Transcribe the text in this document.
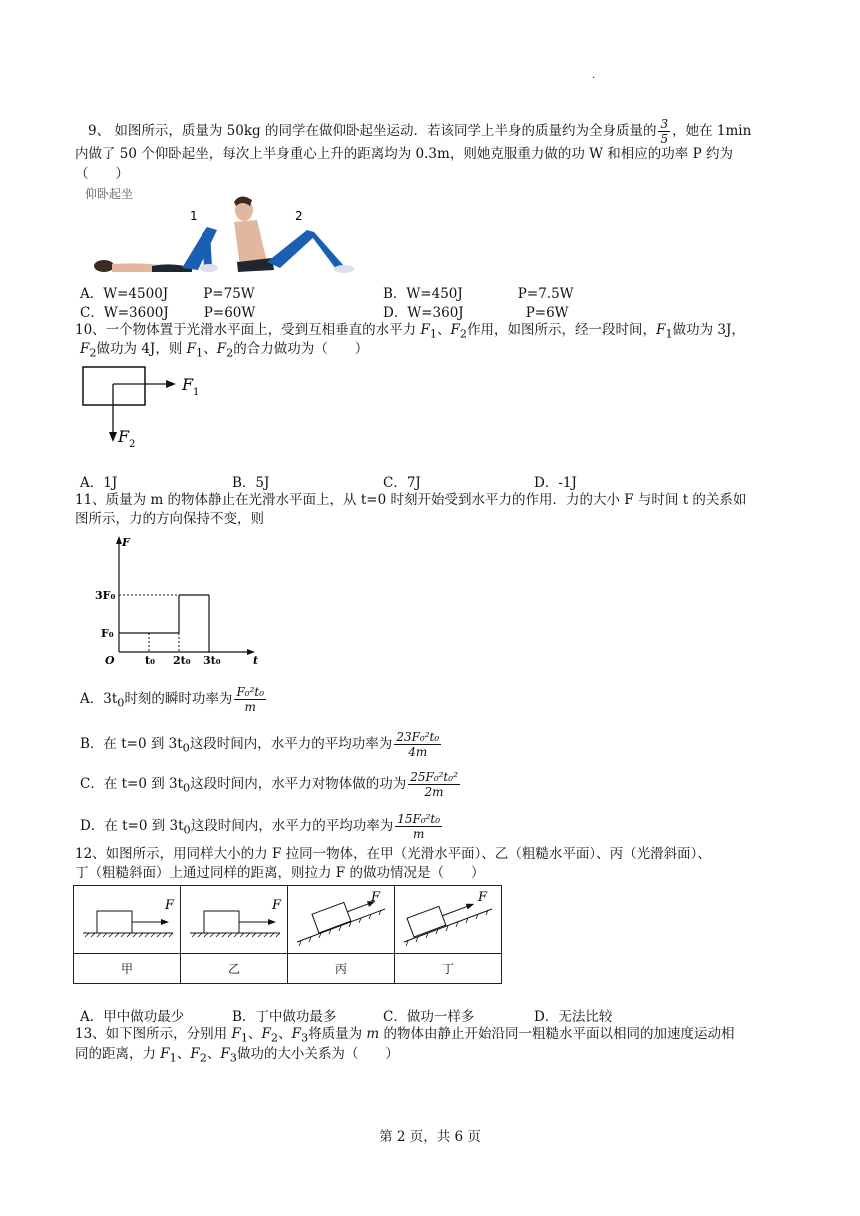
.
9、 如图所示，质量为 50kg 的同学在做仰卧起坐运动．若该同学上半身的质量约为全身质量的 $\frac{3}{5}$ ，她在 1min
内做了 50 个仰卧起坐，每次上半身重心上升的距离均为 0.3m，则她克服重力做的功 W 和相应的功率 P 约为
（　　）
仰卧起坐
1	2
A．W=4500J	P=75W	B．W=450J	P=7.5W
C．W=3600J	P=60W	D．W=360J	P=6W
10、一个物体置于光滑水平面上，受到互相垂直的水平力 $F_1$、$F_2$作用，如图所示，经一段时间，$F_1$做功为 3J，
$F_2$做功为 4J，则 $F_1$、$F_2$的合力做功为（　　）
F 1
F 2
A．1J	B．5J	C．7J	D．-1J
11、质量为 m 的物体静止在光滑水平面上，从 t=0 时刻开始受到水平力的作用．力的大小 F 与时间 t 的关系如
图所示，力的方向保持不变，则
F
t
3F₀
F₀
O	t₀ 2t₀ 3t₀
A．$3t_0$时刻的瞬时功率为 $\frac{\text{F₀²t₀}}{m}$
B．在 t=0 到 $3t_0$这段时间内，水平力的平均功率为 $\frac{\text{23F₀²t₀}}{4m}$
C．在 t=0 到 $3t_0$这段时间内，水平力对物体做的功为 $\frac{\text{25F₀²t₀²}}{2m}$
D．在 t=0 到 $3t_0$这段时间内，水平力的平均功率为 $\frac{\text{15F₀²t₀}}{m}$
12、如图所示，用同样大小的力 F 拉同一物体，在甲（光滑水平面）、乙（粗糙水平面）、丙（光滑斜面）、
丁（粗糙斜面）上通过同样的距离，则拉力 F 的做功情况是（　　）
F	F	F	F

甲	乙	丙	丁
A．甲中做功最少	B．丁中做功最多	C．做功一样多	D．无法比较
13、如下图所示，分别用 $F_1$、$F_2$、$F_3$将质量为 m 的物体由静止开始沿同一粗糙水平面以相同的加速度运动相
同的距离，力 $F_1$、$F_2$、$F_3$做功的大小关系为（　　）
第 2 页，共 6 页
